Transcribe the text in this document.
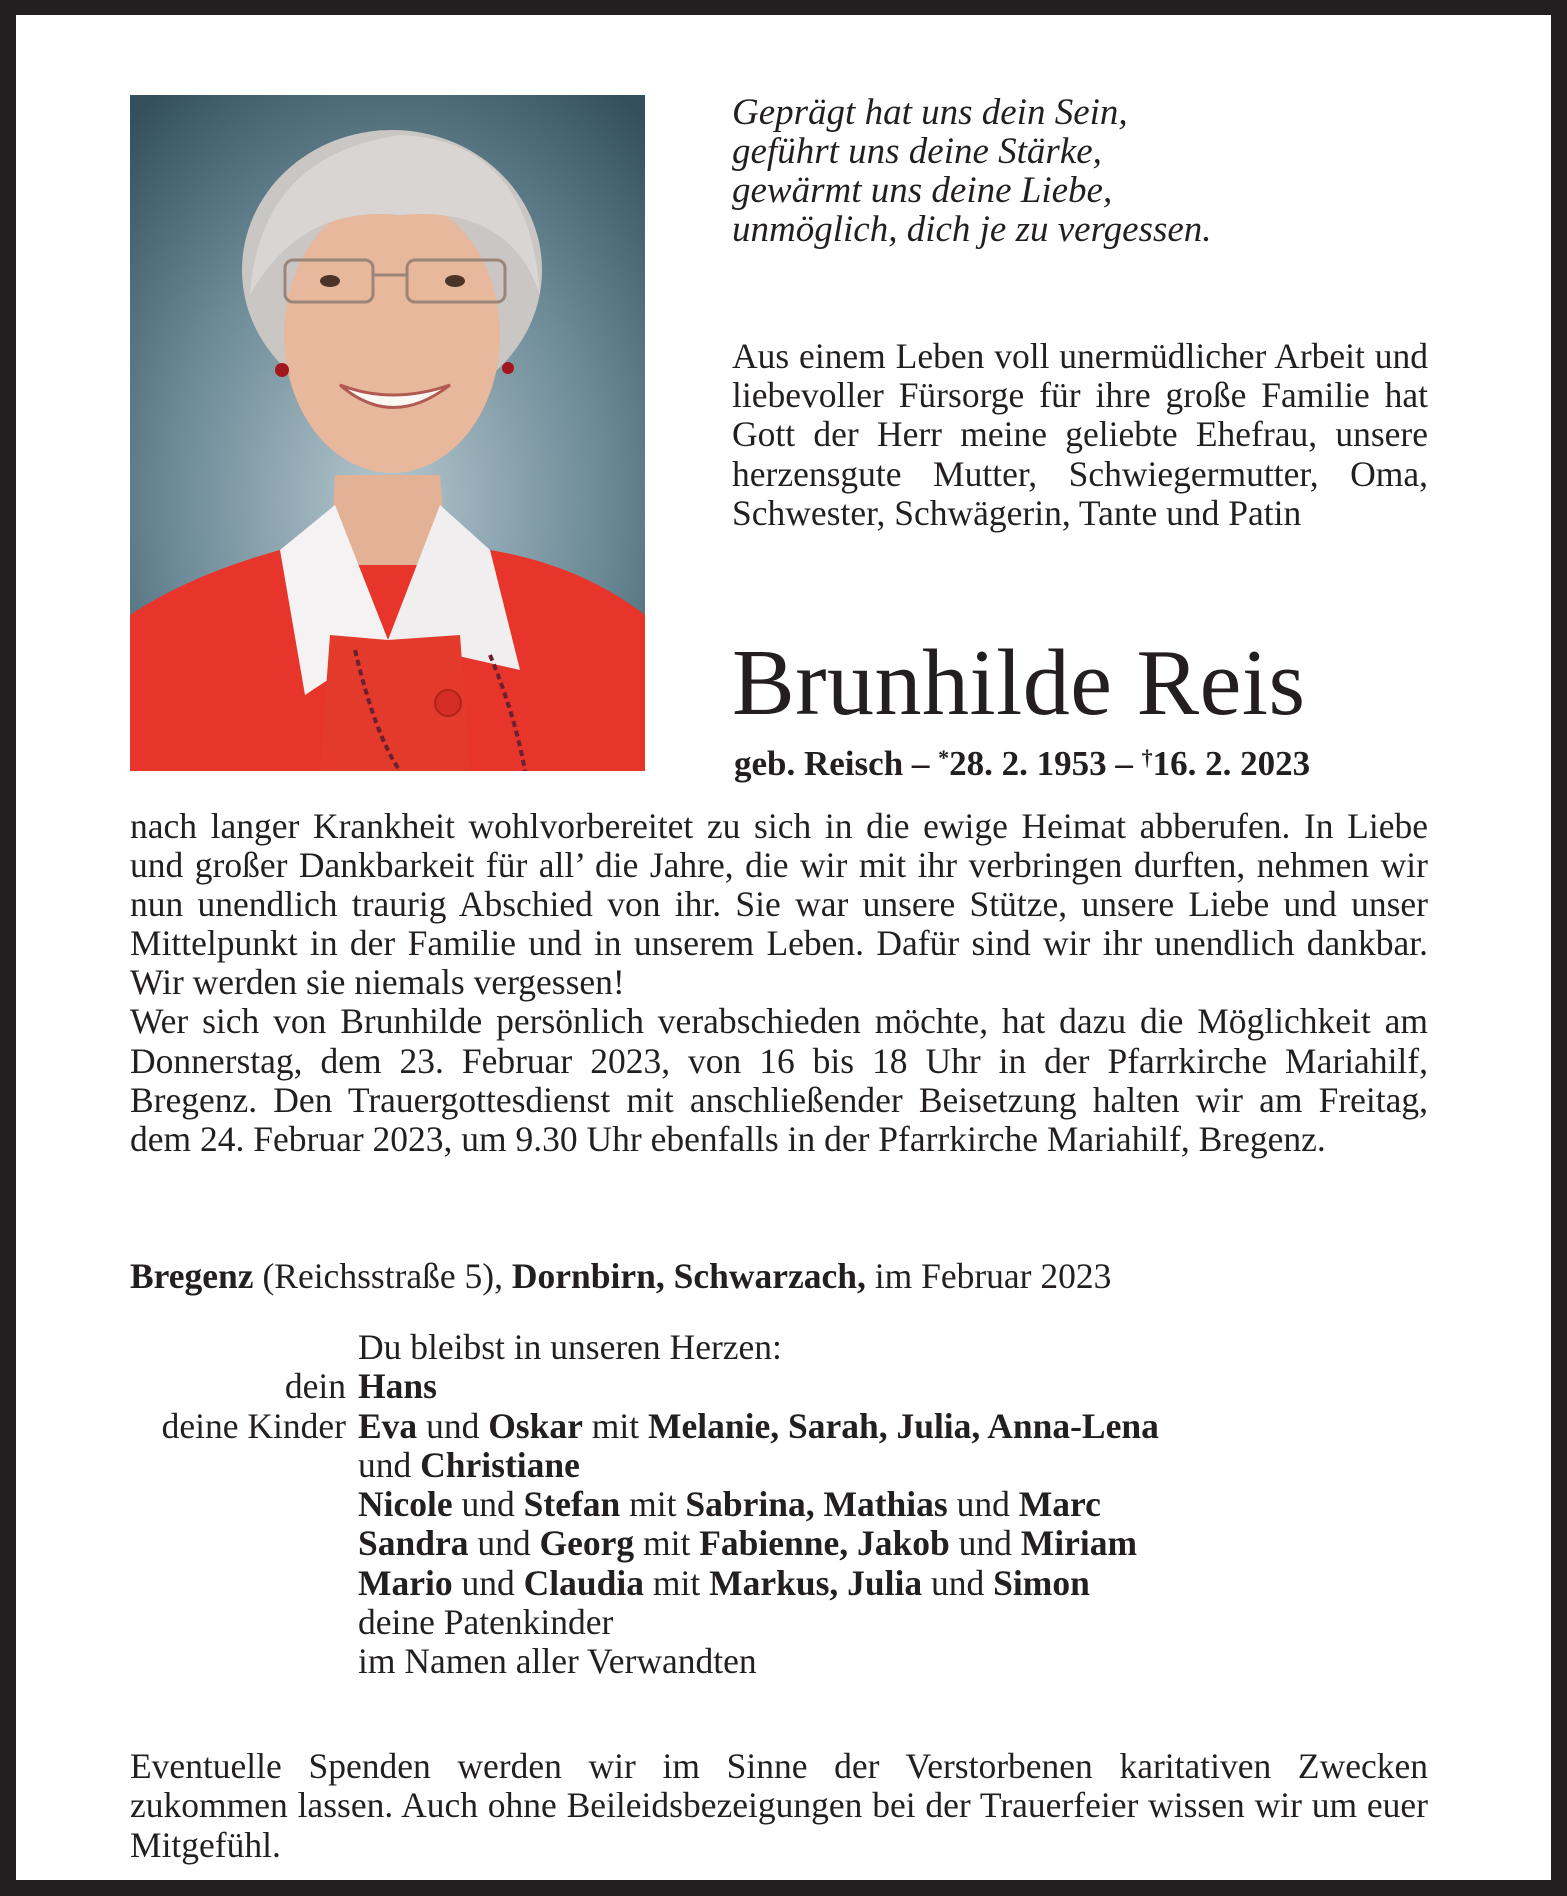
Geprägt hat uns dein Sein,
geführt uns deine Stärke,
gewärmt uns deine Liebe,
unmöglich, dich je zu vergessen.
Aus einem Leben voll unermüdlicher Arbeit und liebevoller Fürsorge für ihre große Familie hat Gott der Herr meine geliebte Ehefrau, unsere herzensgute Mutter, Schwiegermutter, Oma, Schwester, Schwägerin, Tante und Patin
Brunhilde Reis
geb. Reisch – *28. 2. 1953 – †16. 2. 2023

nach langer Krankheit wohlvorbereitet zu sich in die ewige Heimat abberufen. In Liebe und großer Dankbarkeit für all’ die Jahre, die wir mit ihr verbringen durften, nehmen wir nun unendlich traurig Abschied von ihr. Sie war unsere Stütze, unsere Liebe und unser Mittelpunkt in der Familie und in unserem Leben. Dafür sind wir ihr unendlich dankbar. Wir werden sie niemals vergessen!

Wer sich von Brunhilde persönlich verabschieden möchte, hat dazu die Möglichkeit am Donnerstag, dem 23. Februar 2023, von 16 bis 18 Uhr in der Pfarrkirche Mariahilf, Bregenz. Den Trauergottesdienst mit anschließender Beisetzung halten wir am Freitag, dem 24. Februar 2023, um 9.30 Uhr ebenfalls in der Pfarrkirche Mariahilf, Bregenz.

Bregenz (Reichsstraße 5), Dornbirn, Schwarzach, im Februar 2023
Du bleibst in unseren Herzen:
dein Hans
deine Kinder Eva und Oskar mit Melanie, Sarah, Julia, Anna-Lena
und Christiane
Nicole und Stefan mit Sabrina, Mathias und Marc
Sandra und Georg mit Fabienne, Jakob und Miriam
Mario und Claudia mit Markus, Julia und Simon
deine Patenkinder
im Namen aller Verwandten
Eventuelle Spenden werden wir im Sinne der Verstorbenen karitativen Zwecken zukommen lassen. Auch ohne Beileidsbezeigungen bei der Trauerfeier wissen wir um euer Mitgefühl.
